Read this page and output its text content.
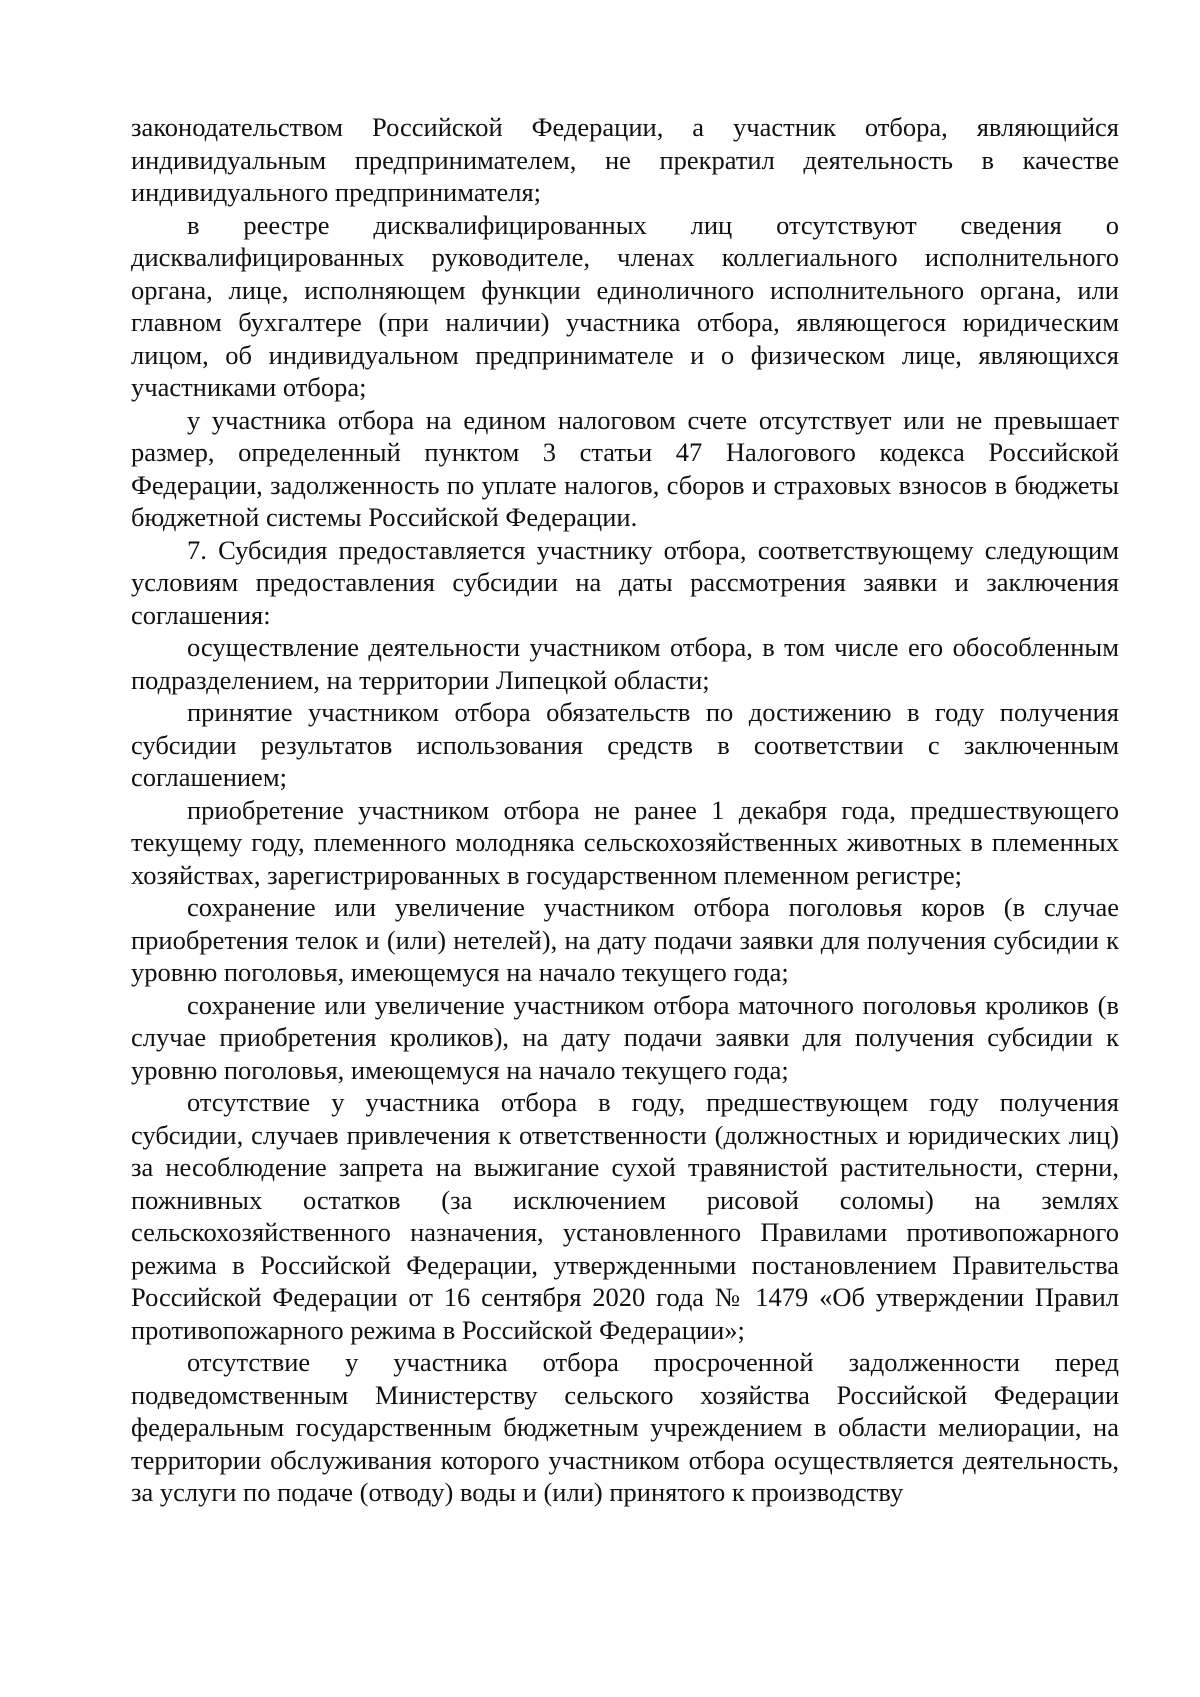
законодательством Российской Федерации, а участник отбора, являющийся индивидуальным предпринимателем, не прекратил деятельность в качестве индивидуального предпринимателя;

в реестре дисквалифицированных лиц отсутствуют сведения о дисквалифицированных руководителе, членах коллегиального исполнительного органа, лице, исполняющем функции единоличного исполнительного органа, или главном бухгалтере (при наличии) участника отбора, являющегося юридическим лицом, об индивидуальном предпринимателе и о физическом лице, являющихся участниками отбора;

у участника отбора на едином налоговом счете отсутствует или не превышает размер, определенный пунктом 3 статьи 47 Налогового кодекса Российской Федерации, задолженность по уплате налогов, сборов и страховых взносов в бюджеты бюджетной системы Российской Федерации.

7. Субсидия предоставляется участнику отбора, соответствующему следующим условиям предоставления субсидии на даты рассмотрения заявки и заключения соглашения:

осуществление деятельности участником отбора, в том числе его обособленным подразделением, на территории Липецкой области;

принятие участником отбора обязательств по достижению в году получения субсидии результатов использования средств в соответствии с заключенным соглашением;

приобретение участником отбора не ранее 1 декабря года, предшествующего текущему году, племенного молодняка сельскохозяйственных животных в племенных хозяйствах, зарегистрированных в государственном племенном регистре;

сохранение или увеличение участником отбора поголовья коров (в случае приобретения телок и (или) нетелей), на дату подачи заявки для получения субсидии к уровню поголовья, имеющемуся на начало текущего года;

сохранение или увеличение участником отбора маточного поголовья кроликов (в случае приобретения кроликов), на дату подачи заявки для получения субсидии к уровню поголовья, имеющемуся на начало текущего года;

отсутствие у участника отбора в году, предшествующем году получения субсидии, случаев привлечения к ответственности (должностных и юридических лиц) за несоблюдение запрета на выжигание сухой травянистой растительности, стерни, пожнивных остатков (за исключением рисовой соломы) на землях сельскохозяйственного назначения, установленного Правилами противопожарного режима в Российской Федерации, утвержденными постановлением Правительства Российской Федерации от 16 сентября 2020 года № 1479 «Об утверждении Правил противопожарного режима в Российской Федерации»;

отсутствие у участника отбора просроченной задолженности перед подведомственным Министерству сельского хозяйства Российской Федерации федеральным государственным бюджетным учреждением в области мелиорации, на территории обслуживания которого участником отбора осуществляется деятельность, за услуги по подаче (отводу) воды и (или) принятого к производству
